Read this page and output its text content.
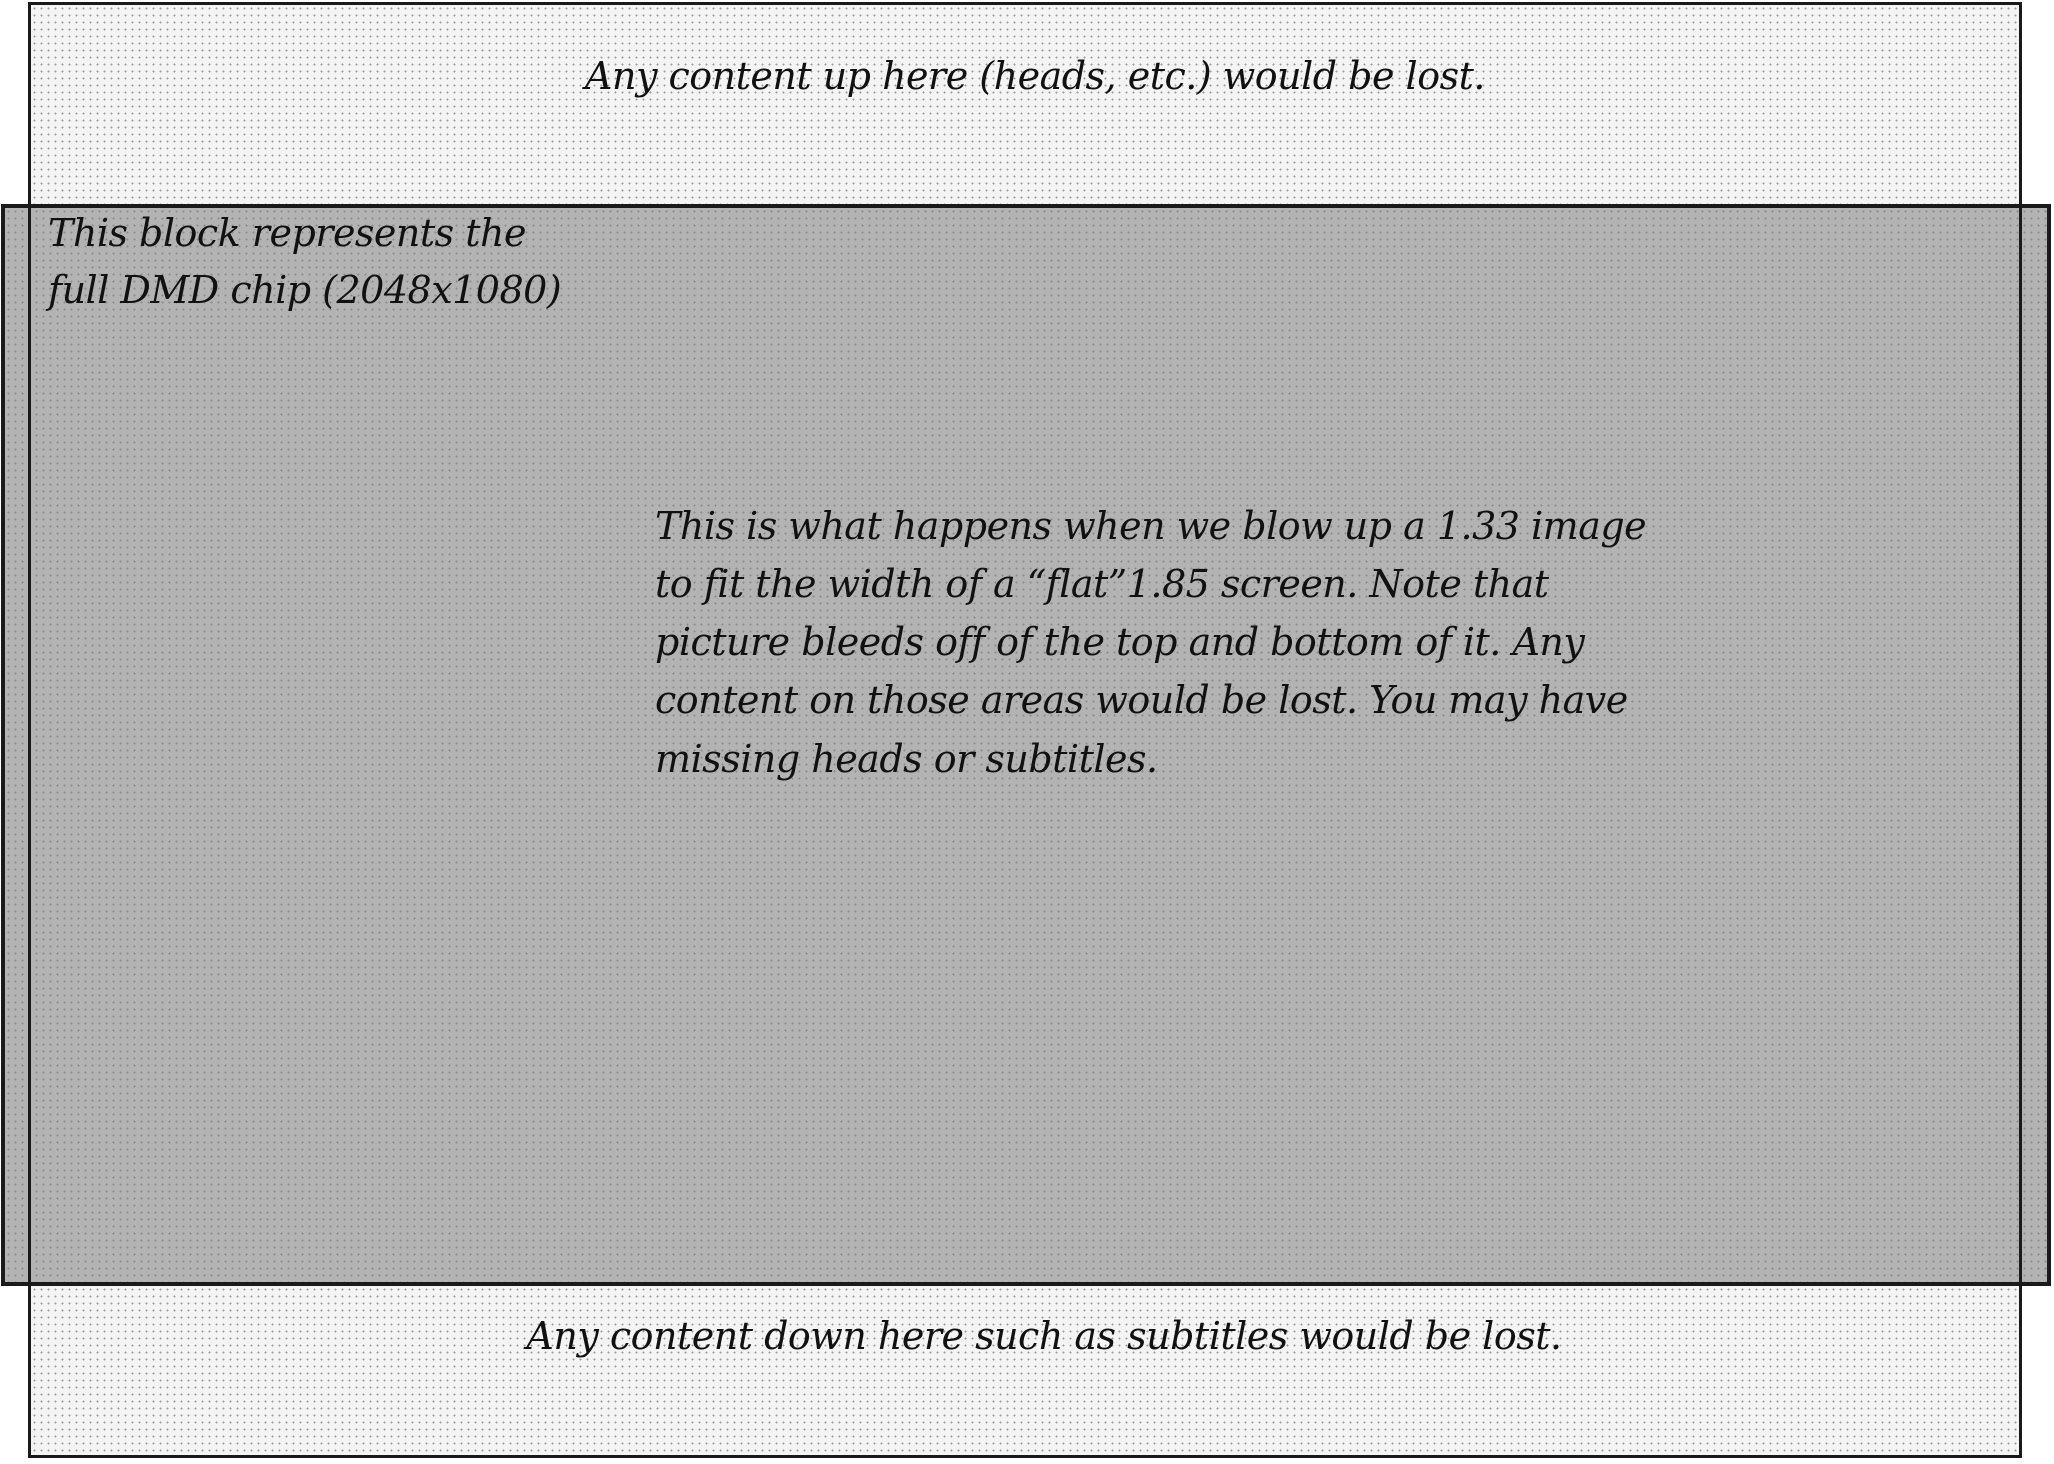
Any content up here (heads, etc.) would be lost.
This block represents the
full DMD chip (2048x1080)
This is what happens when we blow up a 1.33 image
to fit the width of a “flat”1.85 screen. Note that
picture bleeds off of the top and bottom of it. Any
content on those areas would be lost. You may have
missing heads or subtitles.
Any content down here such as subtitles would be lost.
